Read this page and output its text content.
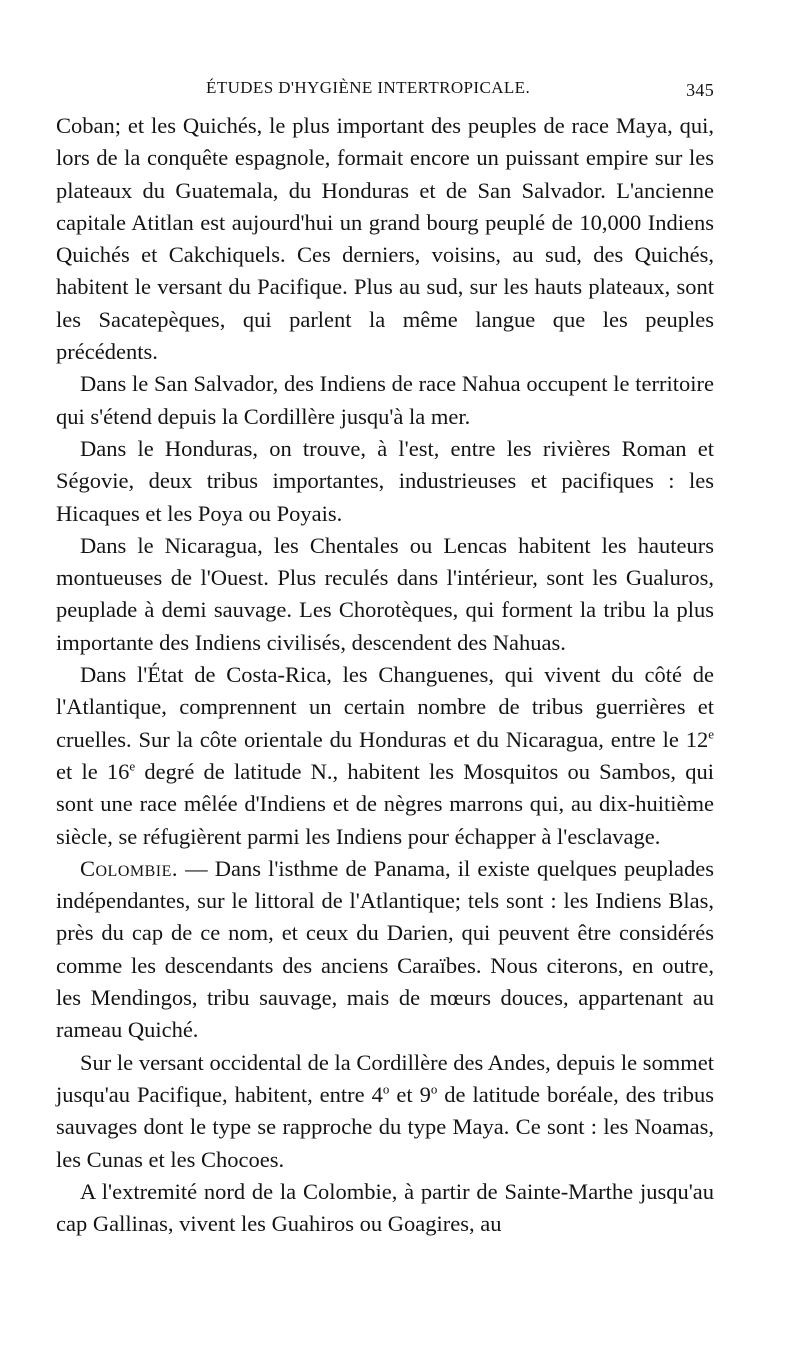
ÉTUDES D'HYGIÈNE INTERTROPICALE.	345

Coban; et les Quichés, le plus important des peuples de race Maya, qui, lors de la conquête espagnole, formait encore un puissant empire sur les plateaux du Guatemala, du Honduras et de San Salvador. L'ancienne capitale Atitlan est aujourd'hui un grand bourg peuplé de 10,000 Indiens Quichés et Cakchiquels. Ces derniers, voisins, au sud, des Quichés, habitent le versant du Pacifique. Plus au sud, sur les hauts plateaux, sont les Sacatepèques, qui parlent la même langue que les peuples précédents.

Dans le San Salvador, des Indiens de race Nahua occupent le territoire qui s'étend depuis la Cordillère jusqu'à la mer.

Dans le Honduras, on trouve, à l'est, entre les rivières Roman et Ségovie, deux tribus importantes, industrieuses et pacifiques : les Hicaques et les Poya ou Poyais.

Dans le Nicaragua, les Chentales ou Lencas habitent les hauteurs montueuses de l'Ouest. Plus reculés dans l'intérieur, sont les Gualuros, peuplade à demi sauvage. Les Chorotèques, qui forment la tribu la plus importante des Indiens civilisés, descendent des Nahuas.

Dans l'État de Costa-Rica, les Changuenes, qui vivent du côté de l'Atlantique, comprennent un certain nombre de tribus guerrières et cruelles. Sur la côte orientale du Honduras et du Nicaragua, entre le 12e et le 16e degré de latitude N., habitent les Mosquitos ou Sambos, qui sont une race mêlée d'Indiens et de nègres marrons qui, au dix-huitième siècle, se réfugièrent parmi les Indiens pour échapper à l'esclavage.

Colombie. — Dans l'isthme de Panama, il existe quelques peuplades indépendantes, sur le littoral de l'Atlantique; tels sont : les Indiens Blas, près du cap de ce nom, et ceux du Darien, qui peuvent être considérés comme les descendants des anciens Caraïbes. Nous citerons, en outre, les Mendingos, tribu sauvage, mais de mœurs douces, appartenant au rameau Quiché.

Sur le versant occidental de la Cordillère des Andes, depuis le sommet jusqu'au Pacifique, habitent, entre 4$^o$ et 9$^o$ de latitude boréale, des tribus sauvages dont le type se rapproche du type Maya. Ce sont : les Noamas, les Cunas et les Chocoes.

A l'extremité nord de la Colombie, à partir de Sainte-Marthe jusqu'au cap Gallinas, vivent les Guahiros ou Goagires, au
